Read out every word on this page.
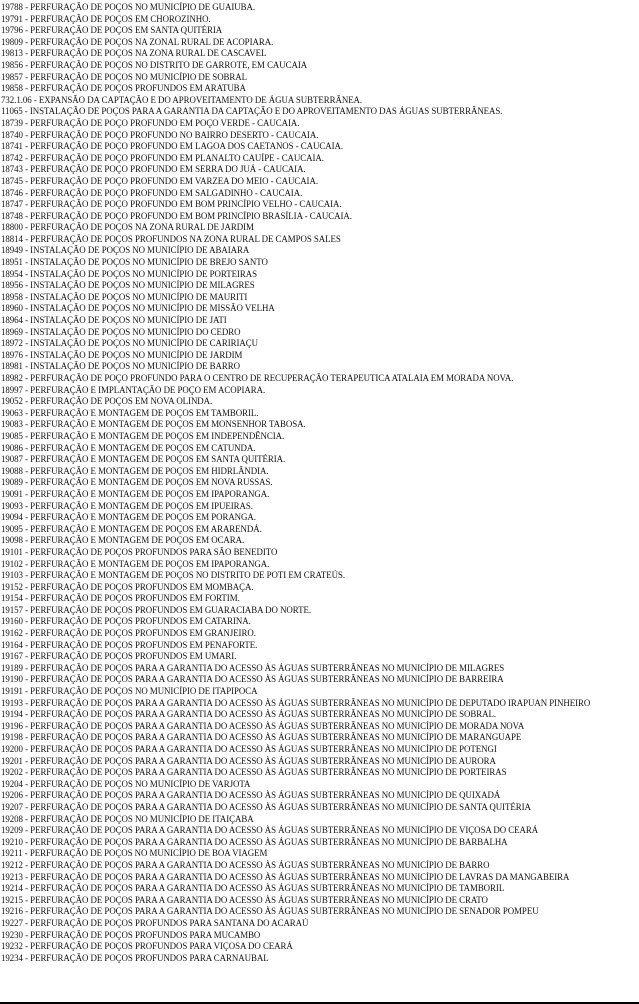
19788 - PERFURAÇÃO DE POÇOS NO MUNICÍPIO DE GUAIUBA.
19791 - PERFURAÇÃO DE POÇOS EM CHOROZINHO.
19796 - PERFURAÇÃO DE POÇOS EM SANTA QUITÉRIA
19809 - PERFURAÇÃO DE POÇOS NA ZONAL RURAL DE ACOPIARA.
19813 - PERFURAÇÃO DE POÇOS NA ZONA RURAL DE CASCAVEL
19856 - PERFURAÇÃO DE POÇOS NO DISTRITO DE GARROTE, EM CAUCAIA
19857 - PERFURAÇÃO DE POÇOS NO MUNICÍPIO DE SOBRAL
19858 - PERFURAÇÃO DE POÇOS PROFUNDOS EM ARATUBA
732.1.06 - EXPANSÃO DA CAPTAÇÃO E DO APROVEITAMENTO DE ÁGUA SUBTERRÂNEA.
11065 - INSTALAÇÃO DE POÇOS PARA A GARANTIA DA CAPTAÇÃO E DO APROVEITAMENTO DAS ÁGUAS SUBTERRÂNEAS.
18739 - PERFURAÇÃO DE POÇO PROFUNDO EM POÇO VERDE - CAUCAIA.
18740 - PERFURAÇÃO DE POÇO PROFUNDO NO BAIRRO DESERTO - CAUCAIA.
18741 - PERFURAÇÃO DE POÇO PROFUNDO EM LAGOA DOS CAETANOS - CAUCAIA.
18742 - PERFURAÇÃO DE POÇO PROFUNDO EM PLANALTO CAUÍPE - CAUCAIA.
18743 - PERFURAÇÃO DE POÇO PROFUNDO EM SERRA DO JUÁ - CAUCAIA.
18745 - PERFURAÇÃO DE POÇO PROFUNDO EM VARZEA DO MEIO - CAUCAIA.
18746 - PERFURAÇÃO DE POÇO PROFUNDO EM SALGADINHO - CAUCAIA.
18747 - PERFURAÇÃO DE POÇO PROFUNDO EM BOM PRINCÍPIO VELHO - CAUCAIA.
18748 - PERFURAÇÃO DE POÇO PROFUNDO EM BOM PRINCÍPIO BRASÍLIA - CAUCAIA.
18800 - PERFURAÇÃO DE POÇOS NA ZONA RURAL DE JARDIM
18814 - PERFURAÇÃO DE POÇOS PROFUNDOS NA ZONA RURAL DE CAMPOS SALES
18949 - INSTALAÇÃO DE POÇOS NO MUNICÍPIO DE ABAIARA
18951 - INSTALAÇÃO DE POÇOS NO MUNICÍPIO DE BREJO SANTO
18954 - INSTALAÇÃO DE POÇOS NO MUNICÍPIO DE PORTEIRAS
18956 - INSTALAÇÃO DE POÇOS NO MUNICÍPIO DE MILAGRES
18958 - INSTALAÇÃO DE POÇOS NO MUNICÍPIO DE MAURITI
18960 - INSTALAÇÃO DE POÇOS NO MUNICÍPIO DE MISSÃO VELHA
18964 - INSTALAÇÃO DE POÇOS NO MUNICÍPIO DE JATI
18969 - INSTALAÇÃO DE POÇOS NO MUNICÍPIO DO CEDRO
18972 - INSTALAÇÃO DE POÇOS NO MUNICÍPIO DE CARIRIAÇU
18976 - INSTALAÇÃO DE POÇOS NO MUNICÍPIO DE JARDIM
18981 - INSTALAÇÃO DE POÇOS NO MUNICÍPIO DE BARRO
18982 - PERFURAÇÃO DE POÇO PROFUNDO PARA O CENTRO DE RECUPERAÇÃO TERAPEUTICA ATALAIA EM MORADA NOVA.
18997 - PERFURAÇÃO E IMPLANTAÇÃO DE POÇO EM ACOPIARA.
19052 - PERFURAÇÃO DE POÇOS EM NOVA OLINDA.
19063 - PERFURAÇÃO E MONTAGEM DE POÇOS EM TAMBORIL.
19083 - PERFURAÇÃO E MONTAGEM DE POÇOS EM MONSENHOR TABOSA.
19085 - PERFURAÇÃO E MONTAGEM DE POÇOS EM INDEPENDÊNCIA.
19086 - PERFURAÇÃO E MONTAGEM DE POÇOS EM CATUNDA.
19087 - PERFURAÇÃO E MONTAGEM DE POÇOS EM SANTA QUITÉRIA.
19088 - PERFURAÇÃO E MONTAGEM DE POÇOS EM HIDRLÂNDIA.
19089 - PERFURAÇÃO E MONTAGEM DE POÇOS EM NOVA RUSSAS.
19091 - PERFURAÇÃO E MONTAGEM DE POÇOS EM IPAPORANGA.
19093 - PERFURAÇÃO E MONTAGEM DE POÇOS EM IPUEIRAS.
19094 - PERFURAÇÃO E MONTAGEM DE POÇOS EM PORANGA.
19095 - PERFURAÇÃO E MONTAGEM DE POÇOS EM ARARENDÁ.
19098 - PERFURAÇÃO E MONTAGEM DE POÇOS EM OCARA.
19101 - PERFURAÇÃO DE POÇOS PROFUNDOS PARA SÃO BENEDITO
19102 - PERFURAÇÃO E MONTAGEM DE POÇOS EM IPAPORANGA.
19103 - PERFURAÇÃO E MONTAGEM DE POÇOS NO DISTRITO DE POTI EM CRATEÚS.
19152 - PERFURAÇÃO DE POÇOS PROFUNDOS EM MOMBAÇA.
19154 - PERFURAÇÃO DE POÇOS PROFUNDOS EM FORTIM.
19157 - PERFURAÇÃO DE POÇOS PROFUNDOS EM GUARACIABA DO NORTE.
19160 - PERFURAÇÃO DE POÇOS PROFUNDOS EM CATARINA.
19162 - PERFURAÇÃO DE POÇOS PROFUNDOS EM GRANJEIRO.
19164 - PERFURAÇÃO DE POÇOS PROFUNDOS EM PENAFORTE.
19167 - PERFURAÇÃO DE POÇOS PROFUNDOS EM UMARI.
19189 - PERFURAÇÃO DE POÇOS PARA A GARANTIA DO ACESSO ÀS ÁGUAS SUBTERRÂNEAS NO MUNICÍPIO DE MILAGRES
19190 - PERFURAÇÃO DE POÇOS PARA A GARANTIA DO ACESSO ÀS ÁGUAS SUBTERRÂNEAS NO MUNICÍPIO DE BARREIRA
19191 - PERFURAÇÃO DE POÇOS NO MUNICÍPIO DE ITAPIPOCA
19193 - PERFURAÇÃO DE POÇOS PARA A GARANTIA DO ACESSO ÀS ÁGUAS SUBTERRÂNEAS NO MUNICÍPIO DE DEPUTADO IRAPUAN PINHEIRO
19194 - PERFURAÇÃO DE POÇOS PARA A GARANTIA DO ACESSO ÀS ÁGUAS SUBTERRÂNEAS NO MUNICÍPIO DE SOBRAL.
19196 - PERFURAÇÃO DE POÇOS PARA A GARANTIA DO ACESSO ÀS ÁGUAS SUBTERRÂNEAS NO MUNICÍPIO DE MORADA NOVA
19198 - PERFURAÇÃO DE POÇOS PARA A GARANTIA DO ACESSO ÀS ÁGUAS SUBTERRÂNEAS NO MUNICÍPIO DE MARANGUAPE
19200 - PERFURAÇÃO DE POÇOS PARA A GARANTIA DO ACESSO ÀS ÁGUAS SUBTERRÂNEAS NO MUNICÍPIO DE POTENGI
19201 - PERFURAÇÃO DE POÇOS PARA A GARANTIA DO ACESSO ÀS ÁGUAS SUBTERRÂNEAS NO MUNICÍPIO DE AURORA
19202 - PERFURAÇÃO DE POÇOS PARA A GARANTIA DO ACESSO ÀS ÁGUAS SUBTERRÂNEAS NO MUNICÍPIO DE PORTEIRAS
19204 - PERFURAÇÃO DE POÇOS NO MUNICÍPIO DE VARJOTA
19206 - PERFURAÇÃO DE POÇOS PARA A GARANTIA DO ACESSO ÀS ÁGUAS SUBTERRÂNEAS NO MUNICÍPIO DE QUIXADÁ
19207 - PERFURAÇÃO DE POÇOS PARA A GARANTIA DO ACESSO ÀS ÁGUAS SUBTERRÂNEAS NO MUNICÍPIO DE SANTA QUITÉRIA
19208 - PERFURAÇÃO DE POÇOS NO MUNICÍPIO DE ITAIÇABA
19209 - PERFURAÇÃO DE POÇOS PARA A GARANTIA DO ACESSO ÀS ÁGUAS SUBTERRÂNEAS NO MUNICÍPIO DE VIÇOSA DO CEARÁ
19210 - PERFURAÇÃO DE POÇOS PARA A GARANTIA DO ACESSO ÀS ÁGUAS SUBTERRÂNEAS NO MUNICÍPIO DE BARBALHA
19211 - PERFURAÇÃO DE POÇOS NO MUNICÍPIO DE BOA VIAGEM
19212 - PERFURAÇÃO DE POÇOS PARA A GARANTIA DO ACESSO ÀS ÁGUAS SUBTERRÂNEAS NO MUNICÍPIO DE BARRO
19213 - PERFURAÇÃO DE POÇOS PARA A GARANTIA DO ACESSO ÀS ÁGUAS SUBTERRÂNEAS NO MUNICÍPIO DE LAVRAS DA MANGABEIRA
19214 - PERFURAÇÃO DE POÇOS PARA A GARANTIA DO ACESSO ÀS ÁGUAS SUBTERRÂNEAS NO MUNICÍPIO DE TAMBORIL
19215 - PERFURAÇÃO DE POÇOS PARA A GARANTIA DO ACESSO ÀS ÁGUAS SUBTERRÂNEAS NO MUNICÍPIO DE CRATO
19216 - PERFURAÇÃO DE POÇOS PARA A GARANTIA DO ACESSO ÀS ÁGUAS SUBTERRÂNEAS NO MUNICÍPIO DE SENADOR POMPEU
19227 - PERFURAÇÃO DE POÇOS PROFUNDOS PARA SANTANA DO ACARAÚ
19230 - PERFURAÇÃO DE POÇOS PROFUNDOS PARA MUCAMBO
19232 - PERFURAÇÃO DE POÇOS PROFUNDOS PARA VIÇOSA DO CEARÁ
19234 - PERFURAÇÃO DE POÇOS PROFUNDOS PARA CARNAUBAL
